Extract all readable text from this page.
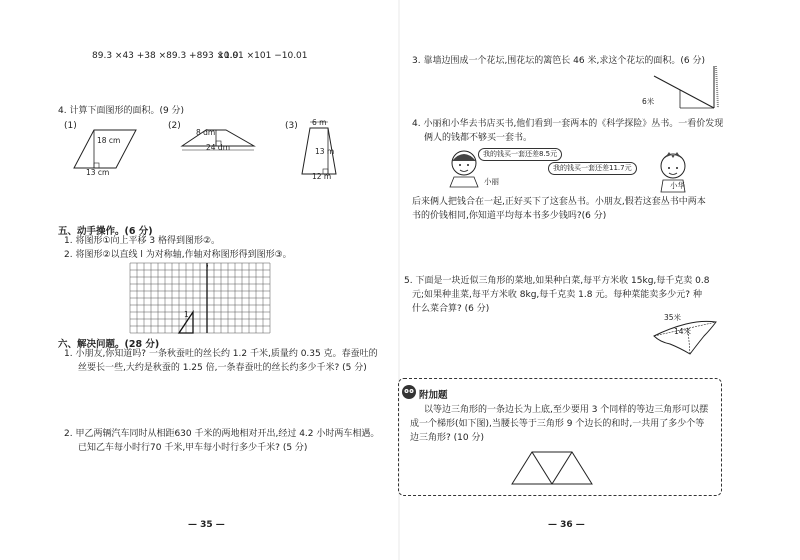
89.3 ×43 +38 ×89.3 +893 ×1.9
10.01 ×101 −10.01
4. 计算下面图形的面积。(9 分)
(1)	(2)	(3)
18 cm
13 cm
8 dm
24 dm
6 m
13 m
12 m
五、动手操作。(6 分)
1. 将图形①向上平移 3 格得到图形②。
2. 将图形②以直线 l 为对称轴,作轴对称图形得到图形③。
l
1
六、解决问题。(28 分)
1. 小朋友,你知道吗? 一条秋蚕吐的丝长约 1.2 千米,质量约 0.35 克。春蚕吐的
丝要长一些,大约是秋蚕的 1.25 倍,一条春蚕吐的丝长约多少千米? (5 分)
2. 甲乙两辆汽车同时从相距630 千米的两地相对开出,经过 4.2 小时两车相遇。
已知乙车每小时行70 千米,甲车每小时行多少千米? (5 分)
— 35 —
3. 靠墙边围成一个花坛,围花坛的篱笆长 46 米,求这个花坛的面积。(6 分)
6米
4. 小丽和小华去书店买书,他们看到一套两本的《科学探险》丛书。一看价发现
俩人的钱都不够买一套书。
我的钱买一套还差8.5元
我的钱买一套还差11.7元
小丽	小华
后来俩人把钱合在一起,正好买下了这套丛书。小朋友,假若这套丛书中两本
书的价钱相同,你知道平均每本书多少钱吗?(6 分)
5. 下面是一块近似三角形的菜地,如果种白菜,每平方米收 15kg,每千克卖 0.8
元;如果种韭菜,每平方米收 8kg,每千克卖 1.8 元。每种菜能卖多少元? 种
什么菜合算? (6 分)
35米
14米
附加题
以等边三角形的一条边长为上底,至少要用 3 个同样的等边三角形可以摆
成一个梯形(如下图),当腰长等于三角形 9 个边长的和时,一共用了多少个等
边三角形? (10 分)
— 36 —
